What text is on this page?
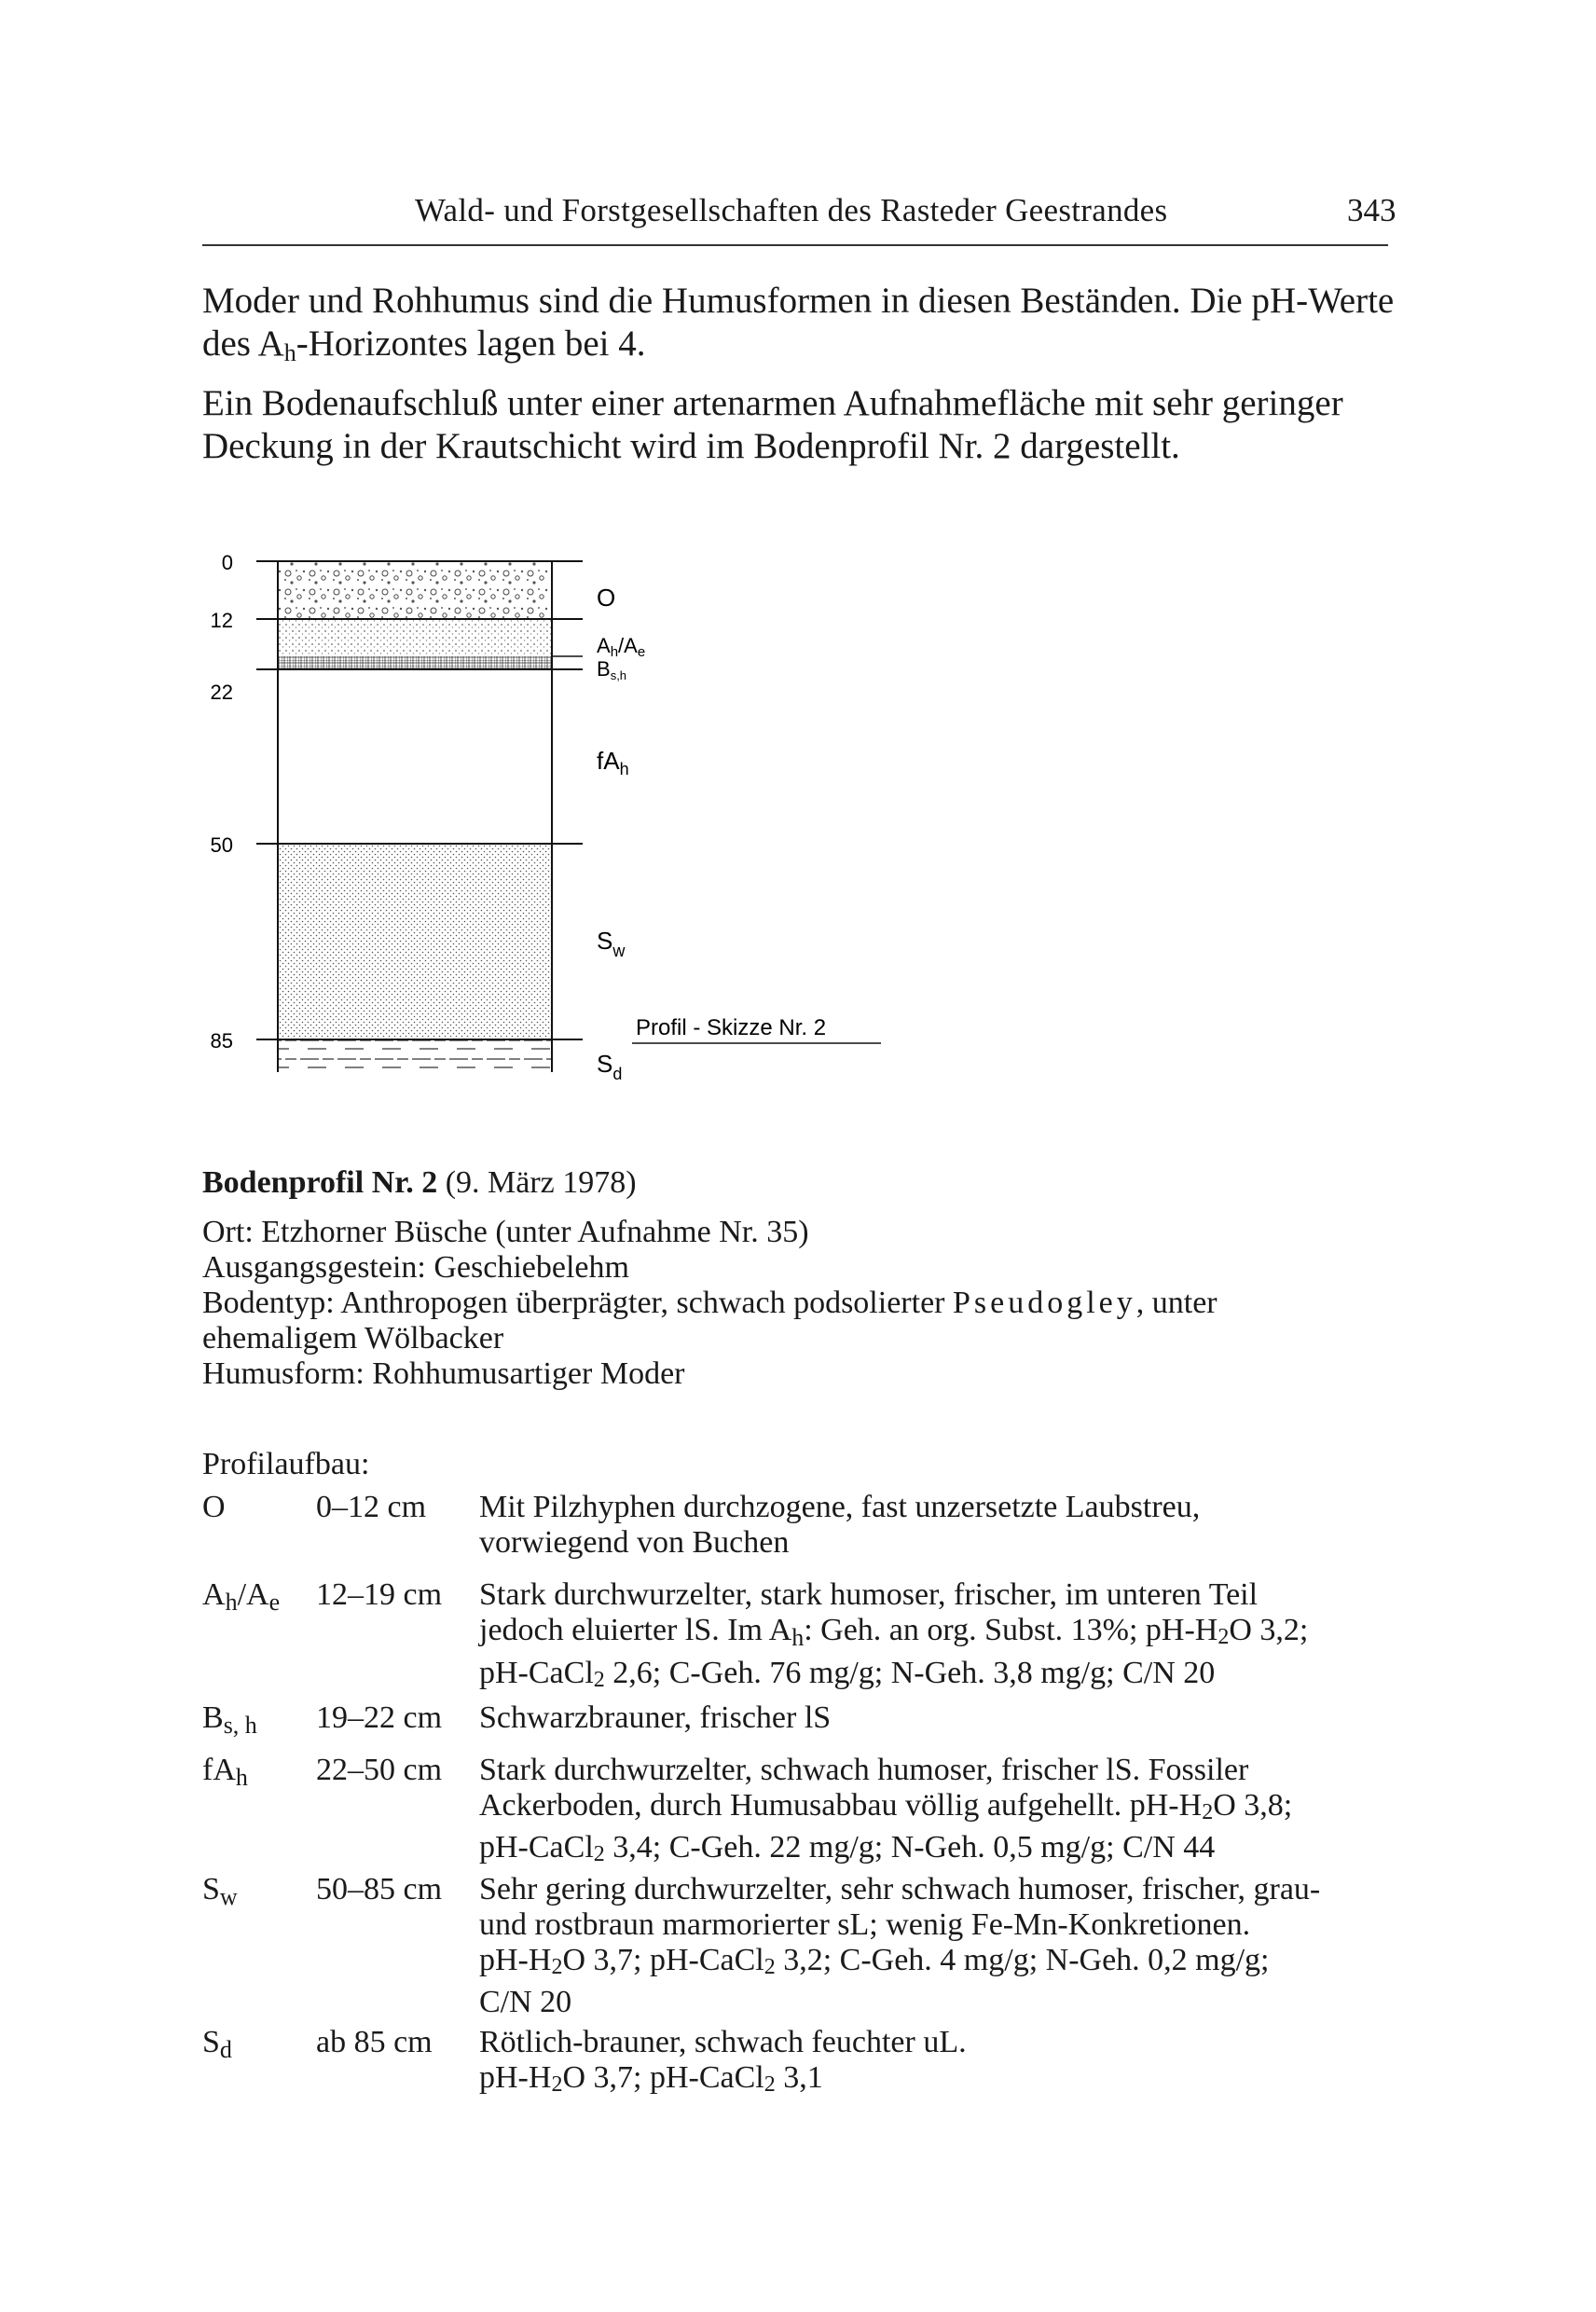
Wald- und Forstgesellschaften des Rasteder Geestrandes	343
Moder und Rohhumus sind die Humusformen in diesen Beständen. Die pH-Werte des $A_h$-Horizontes lagen bei 4.
Ein Bodenaufschluß unter einer artenarmen Aufnahmefläche mit sehr geringer Deckung in der Krautschicht wird im Bodenprofil Nr. 2 dargestellt.
0
12
22
50
85
O
Ah/Ae
Bs,h
$fA_h$
$S_w$
$S_d$
Profil - Skizze Nr. 2
Bodenprofil Nr. 2 (9. März 1978)
Ort: Etzhorner Büsche (unter Aufnahme Nr. 35)
Ausgangsgestein: Geschiebelehm
Bodentyp: Anthropogen überprägter, schwach podsolierter Pseudogley, unter
ehemaligem Wölbacker
Humusform: Rohhumusartiger Moder
Profilaufbau:
O	0–12 cm Mit Pilzhyphen durchzogene, fast unzersetzte Laubstreu,
vorwiegend von Buchen
$A_h/A_e$ 12–19 cm Stark durchwurzelter, stark humoser, frischer, im unteren Teil
jedoch eluierter lS. Im $A_h$: Geh. an org. Subst. 13%; pH-H2O 3,2;
pH-CaCl2 2,6; C-Geh. 76 mg/g; N-Geh. 3,8 mg/g; C/N 20
$B_{s, h}$ 19–22 cm Schwarzbrauner, frischer lS
$fA_h$ 22–50 cm Stark durchwurzelter, schwach humoser, frischer lS. Fossiler
Ackerboden, durch Humusabbau völlig aufgehellt. pH-H2O 3,8;
pH-CaCl2 3,4; C-Geh. 22 mg/g; N-Geh. 0,5 mg/g; C/N 44
$S_w$ 50–85 cm Sehr gering durchwurzelter, sehr schwach humoser, frischer, grau-
und rostbraun marmorierter sL; wenig Fe-Mn-Konkretionen.
pH-H2O 3,7; pH-CaCl2 3,2; C-Geh. 4 mg/g; N-Geh. 0,2 mg/g;
C/N 20
$S_d$	ab 85 cm Rötlich-brauner, schwach feuchter uL.
pH-H2O 3,7; pH-CaCl2 3,1
